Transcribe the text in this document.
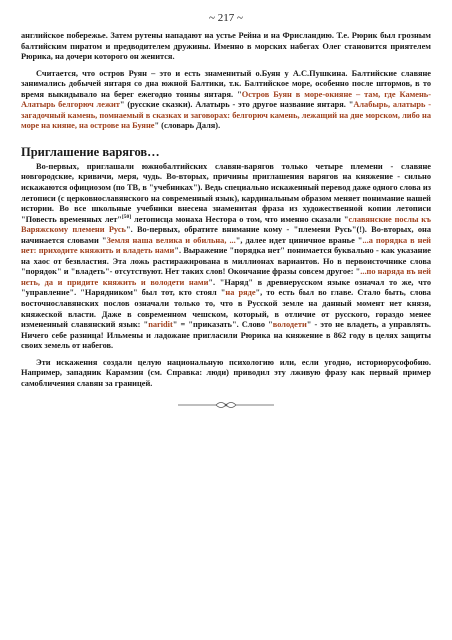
~ 217 ~

английское побережье. Затем рутены нападают на устье Рейна и на Фрисландию. Т.е. Рюрик был грозным балтийским пиратом и предводителем дружины. Именно в морских набегах Олег становится приятелем Рюрика, на дочери которого он женится.

Считается, что остров Руян – это и есть знаменитый о.Буян у А.С.Пушкина. Балтийские славяне занимались добычей янтаря со дна южной Балтики, т.к. Балтийское море, особенно после штормов, в то время выкидывало на берег ежегодно тонны янтаря. "Остров Буян в море-окияне – там, где Камень-Алатырь белгорюч лежит" (русские сказки). Алатырь - это другое название янтаря. "Алабырь, алатырь - загадочный камень, помнаемый в сказках и заговорах: белгорюч камень, лежащий на дне морском, либо на море на кияне, на острове на Буяне" (словарь Даля).

Приглашение варягов…

Во-первых, приглашали южнобалтийских славян-варягов только четыре племени - славяне новгородские, кривичи, меря, чудь. Во-вторых, причины приглашения варягов на княжение - сильно искажаются официозом (по ТВ, в "учебниках"). Ведь специально искаженный перевод даже одного слова из летописи (с церковнославянского на современный язык), кардинальным образом меняет понимание нашей истории. Во все школьные учебники внесена знаменитая фраза из художественной копии летописи "Повесть временных лет"[50] летописца монаха Нестора о том, что именно сказали "славянские послы къ Варяжскому племени Русь". Во-первых, обратите внимание кому - "племени Русь"(!). Во-вторых, она начинается словами "Земля наша велика и обильна, ...", далее идет циничное вранье "...а порядка в ней нет: приходите княжить и владеть нами". Выражение "порядка нет" понимается буквально - как указание на хаос от безвластия. Эта ложь растиражирована в миллионах вариантов. Но в первоисточнике слова "порядок" и "владеть"- отсутствуют. Нет таких слов! Окончание фразы совсем другое: "...по наряда въ ней нєть, да и придите княжить и володети нами". "Наряд" в древнерусском языке означал то же, что "управление". "Нарядником" был тот, кто стоял "на ряде", то есть был во главе. Стало быть, слова восточнославянских послов означали только то, что в Русской земле на данный момент нет князя, княжеской власти. Даже в современном чешском, который, в отличие от русского, гораздо менее измененный славянский язык: "naridit" = "приказать". Слово "володети" - это не владеть, а управлять. Ничего себе разница! Ильмены и ладожане пригласили Рюрика на княжение в 862 году в целях защиты своих земель от набегов.

Эти искажения создали целую национальную психологию или, если угодно, историорусофобию. Например, западник Карамзин (см. Справка: люди) приводил эту лживую фразу как первый пример самобличения славян за границей.
